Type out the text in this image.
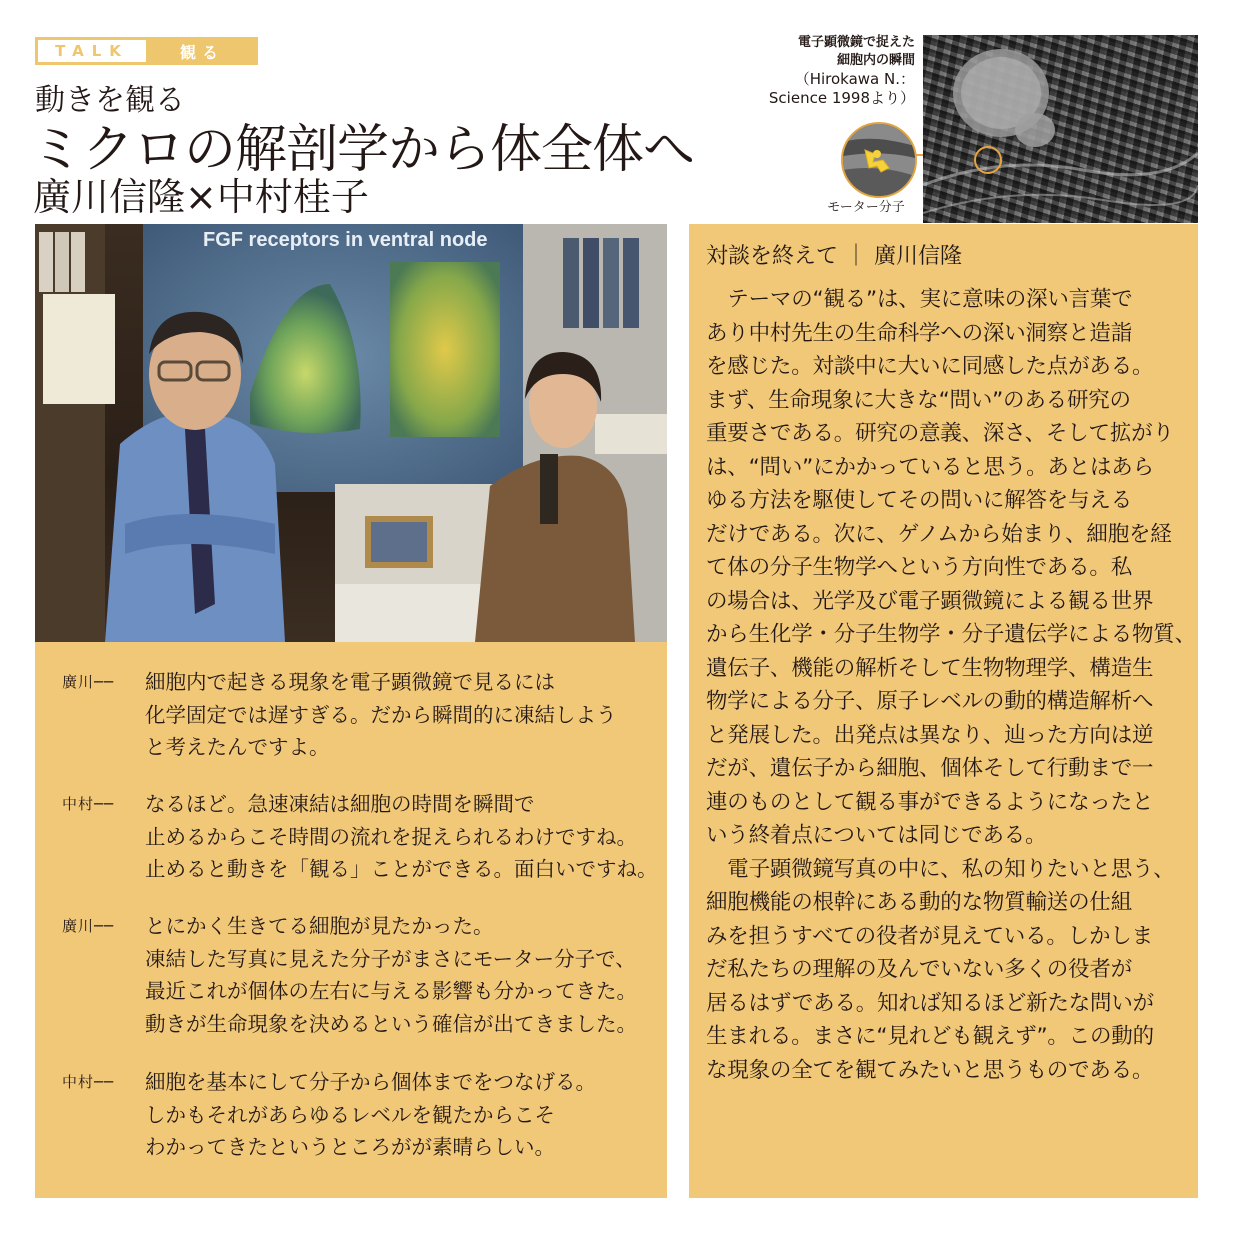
TALK	観る
動きを観る
ミクロの解剖学から体全体へ
廣川信隆×中村桂子
電子顕微鏡で捉えた
細胞内の瞬間
（Hirokawa N.：
Science 1998より）
モーター分子
FGF receptors in ventral node
廣川──	細胞内で起きる現象を電子顕微鏡で見るには
化学固定では遅すぎる。だから瞬間的に凍結しよう
と考えたんですよ。
中村──	なるほど。急速凍結は細胞の時間を瞬間で
止めるからこそ時間の流れを捉えられるわけですね。
止めると動きを「観る」ことができる。面白いですね。
廣川──	とにかく生きてる細胞が見たかった。
凍結した写真に見えた分子がまさにモーター分子で、
最近これが個体の左右に与える影響も分かってきた。
動きが生命現象を決めるという確信が出てきました。
中村──	細胞を基本にして分子から個体までをつなげる。
しかもそれがあらゆるレベルを観たからこそ
わかってきたというところがが素晴らしい。
対談を終えて ｜ 廣川信隆
　テーマの“観る”は、実に意味の深い言葉で
あり中村先生の生命科学への深い洞察と造詣
を感じた。対談中に大いに同感した点がある。
まず、生命現象に大きな“問い”のある研究の
重要さである。研究の意義、深さ、そして拡がり
は、“問い”にかかっていると思う。あとはあら
ゆる方法を駆使してその問いに解答を与える
だけである。次に、ゲノムから始まり、細胞を経
て体の分子生物学へという方向性である。私
の場合は、光学及び電子顕微鏡による観る世界
から生化学・分子生物学・分子遺伝学による物質、
遺伝子、機能の解析そして生物物理学、構造生
物学による分子、原子レベルの動的構造解析へ
と発展した。出発点は異なり、辿った方向は逆
だが、遺伝子から細胞、個体そして行動まで一
連のものとして観る事ができるようになったと
いう終着点については同じである。
　電子顕微鏡写真の中に、私の知りたいと思う、
細胞機能の根幹にある動的な物質輸送の仕組
みを担うすべての役者が見えている。しかしま
だ私たちの理解の及んでいない多くの役者が
居るはずである。知れば知るほど新たな問いが
生まれる。まさに“見れども観えず”。この動的
な現象の全てを観てみたいと思うものである。
